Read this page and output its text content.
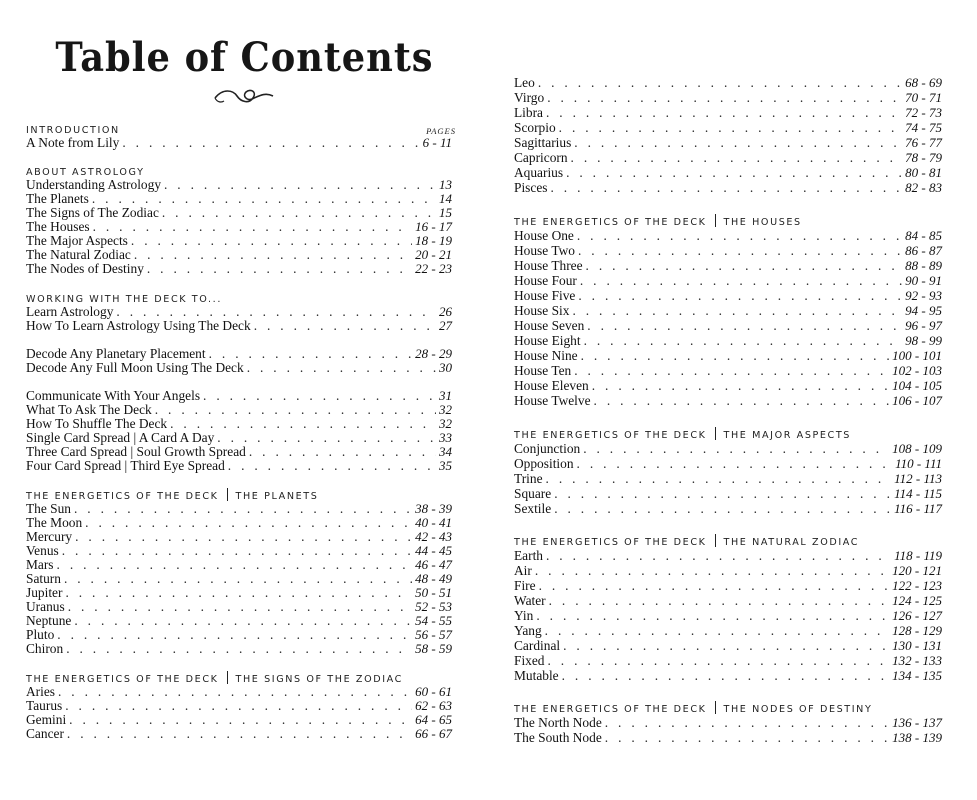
Table of Contents
INTRODUCTION	PAGES
A Note from Lily . . .	6 - 11
ABOUT ASTROLOGY
Understanding Astrology . . .	13
The Planets . . .	14
The Signs of The Zodiac . . .	15
The Houses . . .	16 - 17
The Major Aspects . . .	18 - 19
The Natural Zodiac . . .	20 - 21
The Nodes of Destiny . . .	22 - 23
WORKING WITH THE DECK TO...
Learn Astrology . . .	26
How To Learn Astrology Using The Deck . . .	27
Decode Any Planetary Placement . . .	28 - 29
Decode Any Full Moon Using The Deck . . .	30
Communicate With Your Angels . . .	31
What To Ask The Deck . . .	32
How To Shuffle The Deck . . .	32
Single Card Spread | A Card A Day . . .	33
Three Card Spread | Soul Growth Spread . . .	34
Four Card Spread | Third Eye Spread . . .	35
THE ENERGETICS OF THE DECK THE PLANETS
The Sun . . .	38 - 39
The Moon . . .	40 - 41
Mercury . . .	42 - 43
Venus . . .	44 - 45
Mars . . .	46 - 47
Saturn . . .	48 - 49
Jupiter . . .	50 - 51
Uranus . . .	52 - 53
Neptune . . .	54 - 55
Pluto . . .	56 - 57
Chiron . . .	58 - 59
THE ENERGETICS OF THE DECK THE SIGNS OF THE ZODIAC
Aries . . .	60 - 61
Taurus . . .	62 - 63
Gemini . . .	64 - 65
Cancer . . .	66 - 67
Leo . . .	68 - 69
Virgo . . .	70 - 71
Libra . . .	72 - 73
Scorpio . . .	74 - 75
Sagittarius . . .	76 - 77
Capricorn . . .	78 - 79
Aquarius . . .	80 - 81
Pisces . . .	82 - 83
THE ENERGETICS OF THE DECK THE HOUSES
House One . . .	84 - 85
House Two . . .	86 - 87
House Three . . .	88 - 89
House Four . . .	90 - 91
House Five . . .	92 - 93
House Six . . .	94 - 95
House Seven . . .	96 - 97
House Eight . . .	98 - 99
House Nine . . .	100 - 101
House Ten . . .	102 - 103
House Eleven . . .	104 - 105
House Twelve . . .	106 - 107
THE ENERGETICS OF THE DECK THE MAJOR ASPECTS
Conjunction . . .	108 - 109
Opposition . . .	110 - 111
Trine . . .	112 - 113
Square . . .	114 - 115
Sextile . . .	116 - 117
THE ENERGETICS OF THE DECK THE NATURAL ZODIAC
Earth . . .	118 - 119
Air . . .	120 - 121
Fire . . .	122 - 123
Water . . .	124 - 125
Yin . . .	126 - 127
Yang . . .	128 - 129
Cardinal . . .	130 - 131
Fixed . . .	132 - 133
Mutable . . .	134 - 135
THE ENERGETICS OF THE DECK THE NODES OF DESTINY
The North Node . . .	136 - 137
The South Node . . .	138 - 139
